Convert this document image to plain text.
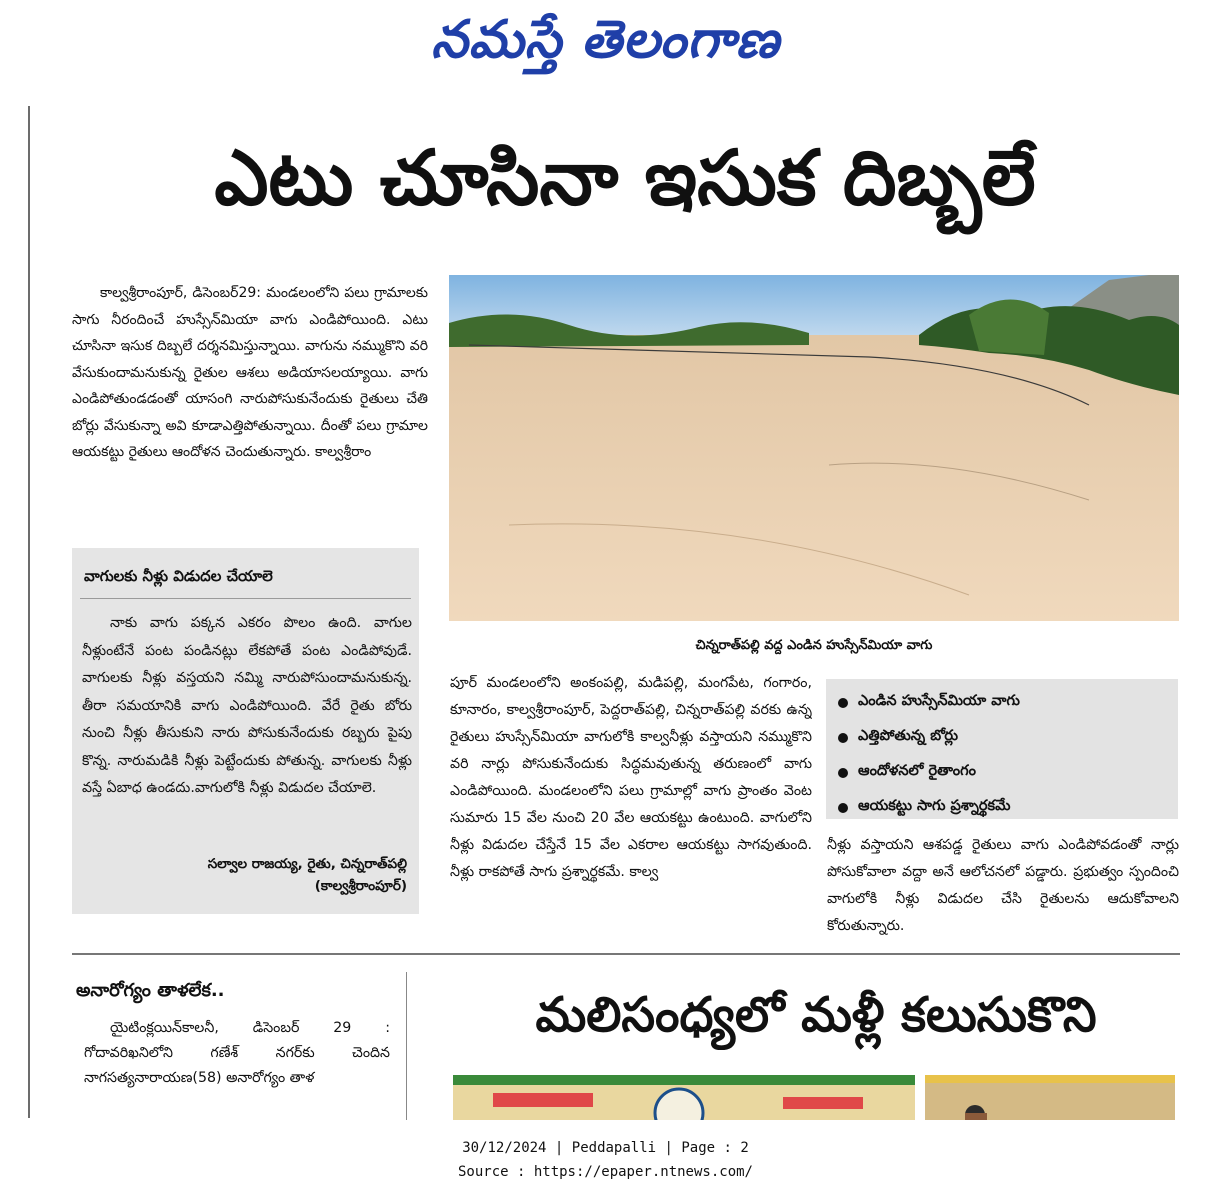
నమస్తే తెలంగాణ
ఎటు చూసినా ఇసుక దిబ్బలే

కాల్వశ్రీరాంపూర్, డిసెంబర్29: మండలంలోని పలు గ్రామాలకు సాగు నీరందించే హుస్సేన్‌మియా వాగు ఎండిపోయింది. ఎటు చూసినా ఇసుక దిబ్బలే దర్శనమిస్తున్నాయి. వాగును నమ్ముకొని వరి వేసుకుందామనుకున్న రైతుల ఆశలు అడియాసలయ్యాయి. వాగు ఎండిపోతుండడంతో యాసంగి నారుపోసుకునేందుకు రైతులు చేతి బోర్లు వేసుకున్నా అవి కూడాఎత్తిపోతున్నాయి. దీంతో పలు గ్రామాల ఆయకట్టు రైతులు ఆందోళన చెందుతున్నారు. కాల్వశ్రీరాం

వాగులకు నీళ్లు విడుదల చేయాలె

నాకు వాగు పక్కన ఎకరం పొలం ఉంది. వాగుల నీళ్లుంటేనే పంట పండినట్లు లేకపోతే పంట ఎండిపోవుడే. వాగులకు నీళ్లు వస్తయని నమ్మి నారుపోసుందామనుకున్న. తీరా సమయానికి వాగు ఎండిపోయింది. వేరే రైతు బోరు నుంచి నీళ్లు తీసుకుని నారు పోసుకునేందుకు రబ్బరు పైపు కొన్న. నారుమడికి నీళ్లు పెట్టేందుకు పోతున్న. వాగులకు నీళ్లు వస్తే ఏబాధ ఉండదు.వాగులోకి నీళ్లు విడుదల చేయాలె.

సల్వాల రాజయ్య, రైతు, చిన్నరాత్‌పల్లి
(కాల్వశ్రీరాంపూర్)
చిన్నరాత్‌పల్లి వద్ద ఎండిన హుస్సేన్‌మియా వాగు
పూర్ మండలంలోని అంకంపల్లి, మడిపల్లి, మంగపేట, గంగారం, కూనారం, కాల్వశ్రీరాంపూర్, పెద్దరాత్‌పల్లి, చిన్నరాత్‌పల్లి వరకు ఉన్న రైతులు హుస్సేన్‌మియా వాగులోకి కాల్వనీళ్లు వస్తాయని నమ్ముకొని వరి నార్లు పోసుకునేందుకు సిద్ధమవుతున్న తరుణంలో వాగు ఎండిపోయింది. మండలంలోని పలు గ్రామాల్లో వాగు ప్రాంతం వెంట సుమారు 15 వేల నుంచి 20 వేల ఆయకట్టు ఉంటుంది. వాగులోని నీళ్లు విడుదల చేస్తేనే 15 వేల ఎకరాల ఆయకట్టు సాగవుతుంది. నీళ్లు రాకపోతే సాగు ప్రశ్నార్థకమే. కాల్వ
ఎండిన హుస్సేన్‌మియా వాగు
ఎత్తిపోతున్న బోర్లు
ఆందోళనలో రైతాంగం
ఆయకట్టు సాగు ప్రశ్నార్థకమే
నీళ్లు వస్తాయని ఆశపడ్డ రైతులు వాగు ఎండిపోవడంతో నార్లు పోసుకోవాలా వద్దా అనే ఆలోచనలో పడ్డారు. ప్రభుత్వం స్పందించి వాగులోకి నీళ్లు విడుదల చేసి రైతులను ఆదుకోవాలని కోరుతున్నారు.
అనారోగ్యం తాళలేక..

యైటింక్లయిన్‌కాలనీ, డిసెంబర్ 29 : గోదావరిఖనిలోని గణేశ్ నగర్‌కు చెందిన నాగసత్యనారాయణ(58) అనారోగ్యం తాళ

మలిసంధ్యలో మళ్లీ కలుసుకొని
30/12/2024 | Peddapalli | Page : 2
Source : https://epaper.ntnews.com/
